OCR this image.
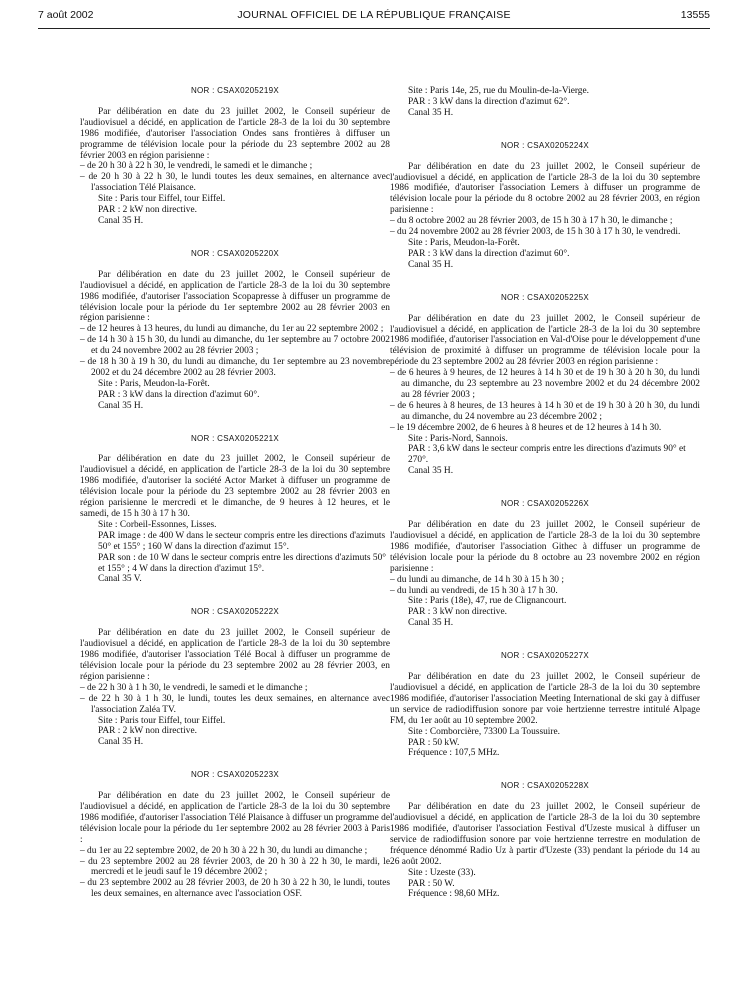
7 août 2002	JOURNAL OFFICIEL DE LA RÉPUBLIQUE FRANÇAISE	13555

NOR : CSAX0205219X

Par délibération en date du 23 juillet 2002, le Conseil supérieur de l'audiovisuel a décidé, en application de l'article 28-3 de la loi du 30 septembre 1986 modifiée, d'autoriser l'association Ondes sans frontières à diffuser un programme de télévision locale pour la période du 23 septembre 2002 au 28 février 2003 en région parisienne :

– de 20 h 30 à 22 h 30, le vendredi, le samedi et le dimanche ;
– de 20 h 30 à 22 h 30, le lundi toutes les deux semaines, en alternance avec l'association Télé Plaisance.

Site : Paris tour Eiffel, tour Eiffel.

PAR : 2 kW non directive.

Canal 35 H.

NOR : CSAX0205220X

Par délibération en date du 23 juillet 2002, le Conseil supérieur de l'audiovisuel a décidé, en application de l'article 28-3 de la loi du 30 septembre 1986 modifiée, d'autoriser l'association Scopapresse à diffuser un programme de télévision locale pour la période du 1er septembre 2002 au 28 février 2003 en région parisienne :

– de 12 heures à 13 heures, du lundi au dimanche, du 1er au 22 septembre 2002 ;
– de 14 h 30 à 15 h 30, du lundi au dimanche, du 1er septembre au 7 octobre 2002 et du 24 novembre 2002 au 28 février 2003 ;
– de 18 h 30 à 19 h 30, du lundi au dimanche, du 1er septembre au 23 novembre 2002 et du 24 décembre 2002 au 28 février 2003.

Site : Paris, Meudon-la-Forêt.

PAR : 3 kW dans la direction d'azimut 60°.

Canal 35 H.

NOR : CSAX0205221X

Par délibération en date du 23 juillet 2002, le Conseil supérieur de l'audiovisuel a décidé, en application de l'article 28-3 de la loi du 30 septembre 1986 modifiée, d'autoriser la société Actor Market à diffuser un programme de télévision locale pour la période du 23 septembre 2002 au 28 février 2003 en région parisienne le mercredi et le dimanche, de 9 heures à 12 heures, et le samedi, de 15 h 30 à 17 h 30.

Site : Corbeil-Essonnes, Lisses.

PAR image : de 400 W dans le secteur compris entre les directions d'azimuts 50° et 155° ; 160 W dans la direction d'azimut 15°.

PAR son : de 10 W dans le secteur compris entre les directions d'azimuts 50° et 155° ; 4 W dans la direction d'azimut 15°.

Canal 35 V.

NOR : CSAX0205222X

Par délibération en date du 23 juillet 2002, le Conseil supérieur de l'audiovisuel a décidé, en application de l'article 28-3 de la loi du 30 septembre 1986 modifiée, d'autoriser l'association Télé Bocal à diffuser un programme de télévision locale pour la période du 23 septembre 2002 au 28 février 2003, en région parisienne :

– de 22 h 30 à 1 h 30, le vendredi, le samedi et le dimanche ;
– de 22 h 30 à 1 h 30, le lundi, toutes les deux semaines, en alternance avec l'association Zaléa TV.

Site : Paris tour Eiffel, tour Eiffel.

PAR : 2 kW non directive.

Canal 35 H.

NOR : CSAX0205223X

Par délibération en date du 23 juillet 2002, le Conseil supérieur de l'audiovisuel a décidé, en application de l'article 28-3 de la loi du 30 septembre 1986 modifiée, d'autoriser l'association Télé Plaisance à diffuser un programme de télévision locale pour la période du 1er septembre 2002 au 28 février 2003 à Paris :

– du 1er au 22 septembre 2002, de 20 h 30 à 22 h 30, du lundi au dimanche ;
– du 23 septembre 2002 au 28 février 2003, de 20 h 30 à 22 h 30, le mardi, le mercredi et le jeudi sauf le 19 décembre 2002 ;
– du 23 septembre 2002 au 28 février 2003, de 20 h 30 à 22 h 30, le lundi, toutes les deux semaines, en alternance avec l'association OSF.

Site : Paris 14e, 25, rue du Moulin-de-la-Vierge.

PAR : 3 kW dans la direction d'azimut 62°.

Canal 35 H.

NOR : CSAX0205224X

Par délibération en date du 23 juillet 2002, le Conseil supérieur de l'audiovisuel a décidé, en application de l'article 28-3 de la loi du 30 septembre 1986 modifiée, d'autoriser l'association Lemers à diffuser un programme de télévision locale pour la période du 8 octobre 2002 au 28 février 2003, en région parisienne :

– du 8 octobre 2002 au 28 février 2003, de 15 h 30 à 17 h 30, le dimanche ;
– du 24 novembre 2002 au 28 février 2003, de 15 h 30 à 17 h 30, le vendredi.

Site : Paris, Meudon-la-Forêt.

PAR : 3 kW dans la direction d'azimut 60°.

Canal 35 H.

NOR : CSAX0205225X

Par délibération en date du 23 juillet 2002, le Conseil supérieur de l'audiovisuel a décidé, en application de l'article 28-3 de la loi du 30 septembre 1986 modifiée, d'autoriser l'association en Val-d'Oise pour le développement d'une télévision de proximité à diffuser un programme de télévision locale pour la période du 23 septembre 2002 au 28 février 2003 en région parisienne :

– de 6 heures à 9 heures, de 12 heures à 14 h 30 et de 19 h 30 à 20 h 30, du lundi au dimanche, du 23 septembre au 23 novembre 2002 et du 24 décembre 2002 au 28 février 2003 ;
– de 6 heures à 8 heures, de 13 heures à 14 h 30 et de 19 h 30 à 20 h 30, du lundi au dimanche, du 24 novembre au 23 décembre 2002 ;
– le 19 décembre 2002, de 6 heures à 8 heures et de 12 heures à 14 h 30.

Site : Paris-Nord, Sannois.

PAR : 3,6 kW dans le secteur compris entre les directions d'azimuts 90° et 270°.

Canal 35 H.

NOR : CSAX0205226X

Par délibération en date du 23 juillet 2002, le Conseil supérieur de l'audiovisuel a décidé, en application de l'article 28-3 de la loi du 30 septembre 1986 modifiée, d'autoriser l'association Githec à diffuser un programme de télévision locale pour la période du 8 octobre au 23 novembre 2002 en région parisienne :

– du lundi au dimanche, de 14 h 30 à 15 h 30 ;
– du lundi au vendredi, de 15 h 30 à 17 h 30.

Site : Paris (18e), 47, rue de Clignancourt.

PAR : 3 kW non directive.

Canal 35 H.

NOR : CSAX0205227X

Par délibération en date du 23 juillet 2002, le Conseil supérieur de l'audiovisuel a décidé, en application de l'article 28-3 de la loi du 30 septembre 1986 modifiée, d'autoriser l'association Meeting International de ski gay à diffuser un service de radiodiffusion sonore par voie hertzienne terrestre intitulé Alpage FM, du 1er août au 10 septembre 2002.

Site : Comborcière, 73300 La Toussuire.

PAR : 50 kW.

Fréquence : 107,5 MHz.

NOR : CSAX0205228X

Par délibération en date du 23 juillet 2002, le Conseil supérieur de l'audiovisuel a décidé, en application de l'article 28-3 de la loi du 30 septembre 1986 modifiée, d'autoriser l'association Festival d'Uzeste musical à diffuser un service de radiodiffusion sonore par voie hertzienne terrestre en modulation de fréquence dénommé Radio Uz à partir d'Uzeste (33) pendant la période du 14 au 26 août 2002.

Site : Uzeste (33).

PAR : 50 W.

Fréquence : 98,60 MHz.
